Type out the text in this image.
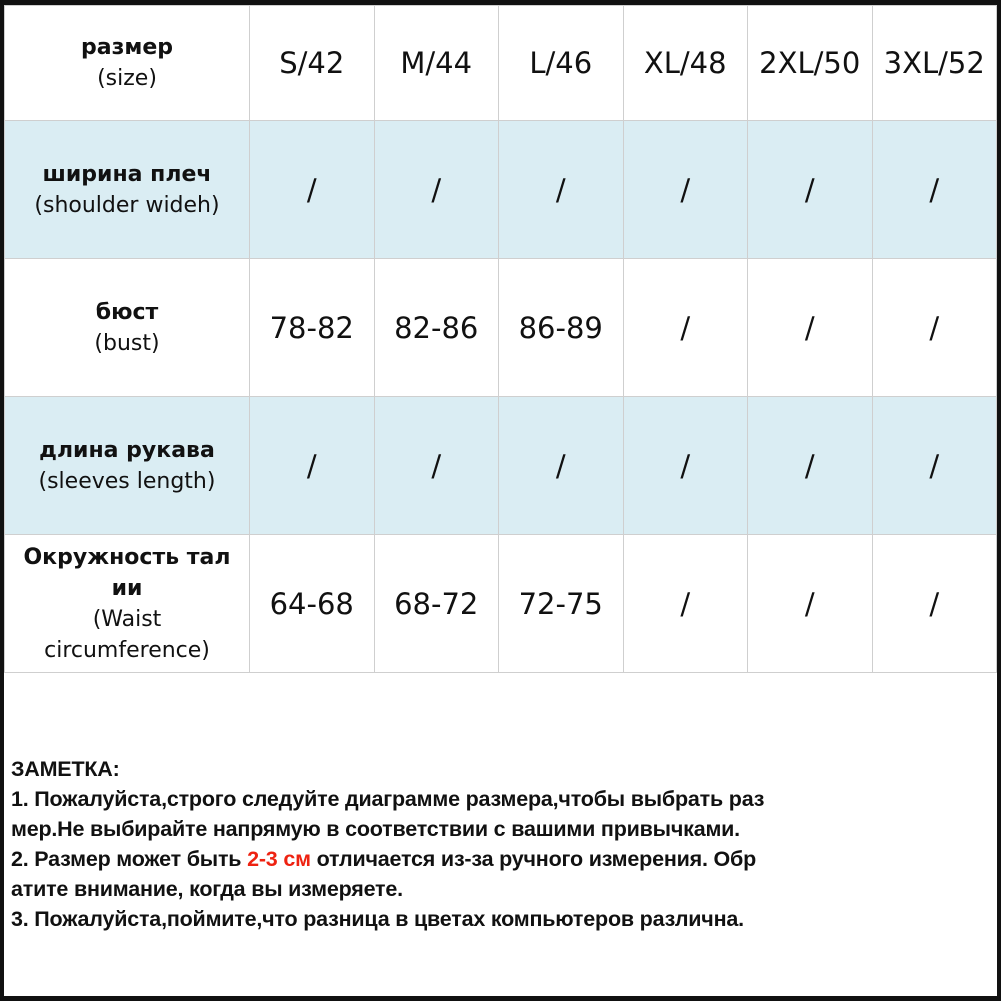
размер
(size)	S/42	M/44	L/46	XL/48	2XL/50	3XL/52

ширина плеч
(shoulder wideh)	/	/	/	/	/	/

бюст
(bust)	78-82	82-86	86-89	/	/	/

длина рукава
(sleeves length)	/	/	/	/	/	/

Окружность тал ии
(Waist circumference)	64-68	68-72	72-75	/	/	/
ЗАМЕТКА:
1. Пожалуйста,строго следуйте диаграмме размера,чтобы выбрать раз
мер.Не выбирайте напрямую в соответствии с вашими привычками.
2. Размер может быть 2-3 см отличается из-за ручного измерения. Обр
атите внимание, когда вы измеряете.
3. Пожалуйста,поймите,что разница в цветах компьютеров различна.
